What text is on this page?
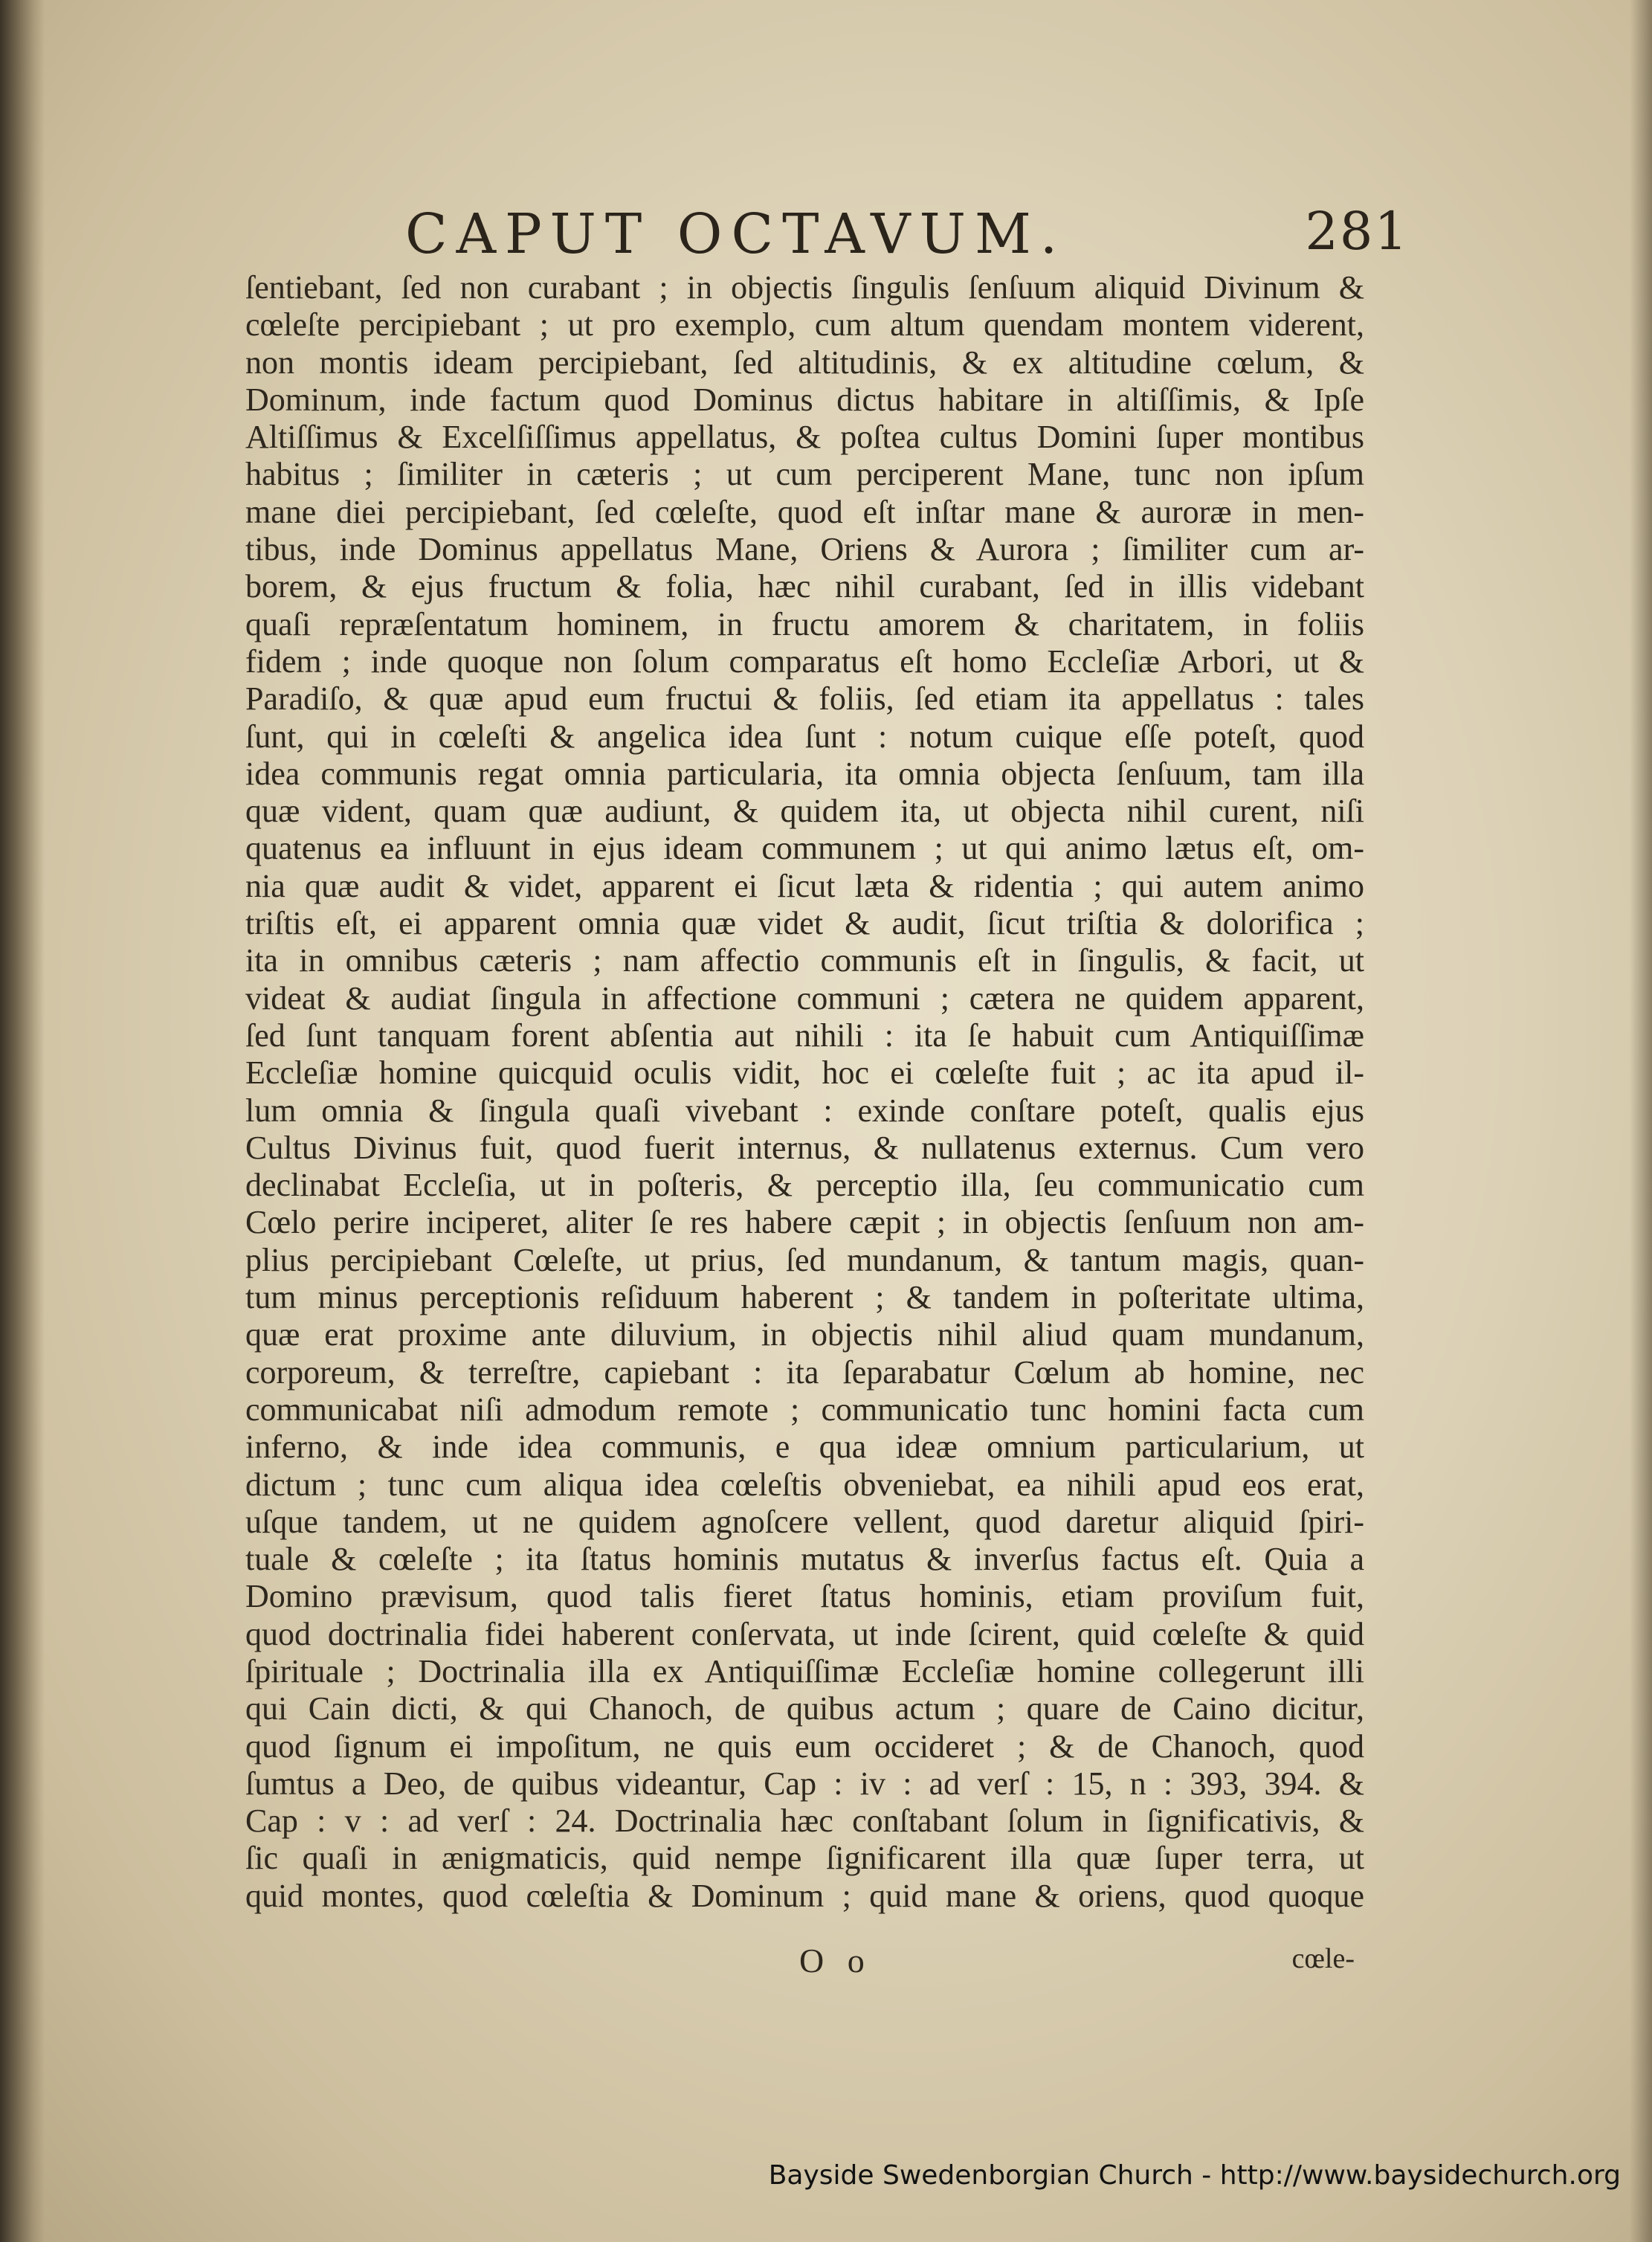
CAPUT OCTAVUM.	281
ſentiebant, ſed non curabant ; in objectis ſingulis ſenſuum aliquid Divinum &
cœleſte percipiebant ; ut pro exemplo, cum altum quendam montem viderent,
non montis ideam percipiebant, ſed altitudinis, & ex altitudine cœlum, &
Dominum, inde factum quod Dominus dictus habitare in altiſſimis, & Ipſe
Altiſſimus & Excelſiſſimus appellatus, & poſtea cultus Domini ſuper montibus
habitus ; ſimiliter in cæteris ; ut cum perciperent Mane, tunc non ipſum
mane diei percipiebant, ſed cœleſte, quod eſt inſtar mane & auroræ in men-
tibus, inde Dominus appellatus Mane, Oriens & Aurora ; ſimiliter cum ar-
borem, & ejus fructum & folia, hæc nihil curabant, ſed in illis videbant
quaſi repræſentatum hominem, in fructu amorem & charitatem, in foliis
fidem ; inde quoque non ſolum comparatus eſt homo Eccleſiæ Arbori, ut &
Paradiſo, & quæ apud eum fructui & foliis, ſed etiam ita appellatus : tales
ſunt, qui in cœleſti & angelica idea ſunt : notum cuique eſſe poteſt, quod
idea communis regat omnia particularia, ita omnia objecta ſenſuum, tam illa
quæ vident, quam quæ audiunt, & quidem ita, ut objecta nihil curent, niſi
quatenus ea influunt in ejus ideam communem ; ut qui animo lætus eſt, om-
nia quæ audit & videt, apparent ei ſicut læta & ridentia ; qui autem animo
triſtis eſt, ei apparent omnia quæ videt & audit, ſicut triſtia & dolorifica ;
ita in omnibus cæteris ; nam affectio communis eſt in ſingulis, & facit, ut
videat & audiat ſingula in affectione communi ; cætera ne quidem apparent,
ſed ſunt tanquam forent abſentia aut nihili : ita ſe habuit cum Antiquiſſimæ
Eccleſiæ homine quicquid oculis vidit, hoc ei cœleſte fuit ; ac ita apud il-
lum omnia & ſingula quaſi vivebant : exinde conſtare poteſt, qualis ejus
Cultus Divinus fuit, quod fuerit internus, & nullatenus externus. Cum vero
declinabat Eccleſia, ut in poſteris, & perceptio illa, ſeu communicatio cum
Cœlo perire inciperet, aliter ſe res habere cæpit ; in objectis ſenſuum non am-
plius percipiebant Cœleſte, ut prius, ſed mundanum, & tantum magis, quan-
tum minus perceptionis reſiduum haberent ; & tandem in poſteritate ultima,
quæ erat proxime ante diluvium, in objectis nihil aliud quam mundanum,
corporeum, & terreſtre, capiebant : ita ſeparabatur Cœlum ab homine, nec
communicabat niſi admodum remote ; communicatio tunc homini facta cum
inferno, & inde idea communis, e qua ideæ omnium particularium, ut
dictum ; tunc cum aliqua idea cœleſtis obveniebat, ea nihili apud eos erat,
uſque tandem, ut ne quidem agnoſcere vellent, quod daretur aliquid ſpiri-
tuale & cœleſte ; ita ſtatus hominis mutatus & inverſus factus eſt. Quia a
Domino prævisum, quod talis fieret ſtatus hominis, etiam proviſum fuit,
quod doctrinalia fidei haberent conſervata, ut inde ſcirent, quid cœleſte & quid
ſpirituale ; Doctrinalia illa ex Antiquiſſimæ Eccleſiæ homine collegerunt illi
qui Cain dicti, & qui Chanoch, de quibus actum ; quare de Caino dicitur,
quod ſignum ei impoſitum, ne quis eum occideret ; & de Chanoch, quod
ſumtus a Deo, de quibus videantur, Cap : iv : ad verſ : 15, n : 393, 394. &
Cap : v : ad verſ : 24. Doctrinalia hæc conſtabant ſolum in ſignificativis, &
ſic quaſi in ænigmaticis, quid nempe ſignificarent illa quæ ſuper terra, ut
quid montes, quod cœleſtia & Dominum ; quid mane & oriens, quod quoque
O o	cœle-
Bayside Swedenborgian Church - http://www.baysidechurch.org
